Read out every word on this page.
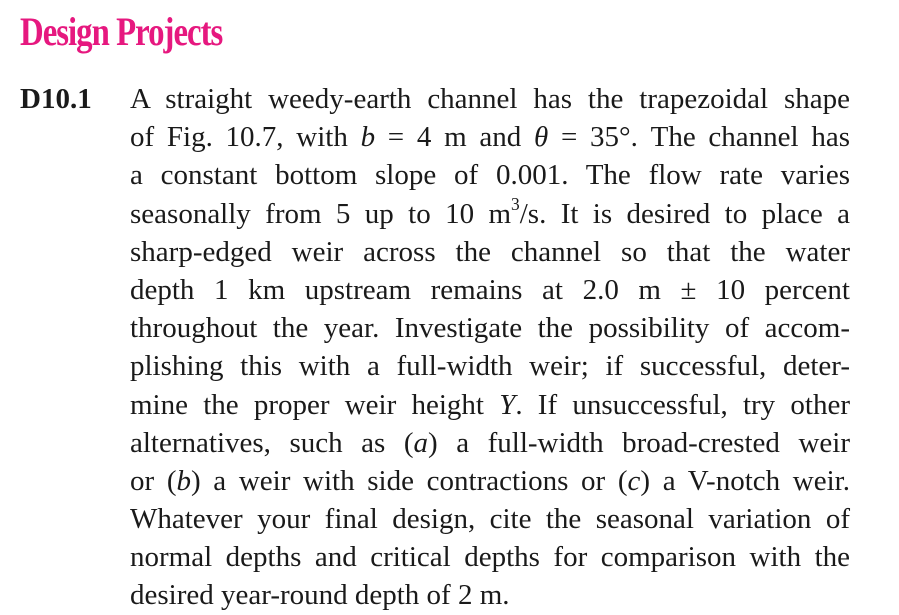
Design Projects
D10.1 A straight weedy-earth channel has the trapezoidal shape
of Fig. 10.7, with b = 4 m and θ = 35°. The channel has
a constant bottom slope of 0.001. The flow rate varies
seasonally from 5 up to 10 $m^3/s$. It is desired to place a
sharp-edged weir across the channel so that the water
depth 1 km upstream remains at 2.0 m ± 10 percent
throughout the year. Investigate the possibility of accom-
plishing this with a full-width weir; if successful, deter-
mine the proper weir height Y. If unsuccessful, try other
alternatives, such as (a) a full-width broad-crested weir
or (b) a weir with side contractions or (c) a V-notch weir.
Whatever your final design, cite the seasonal variation of
normal depths and critical depths for comparison with the
desired year-round depth of 2 m.
